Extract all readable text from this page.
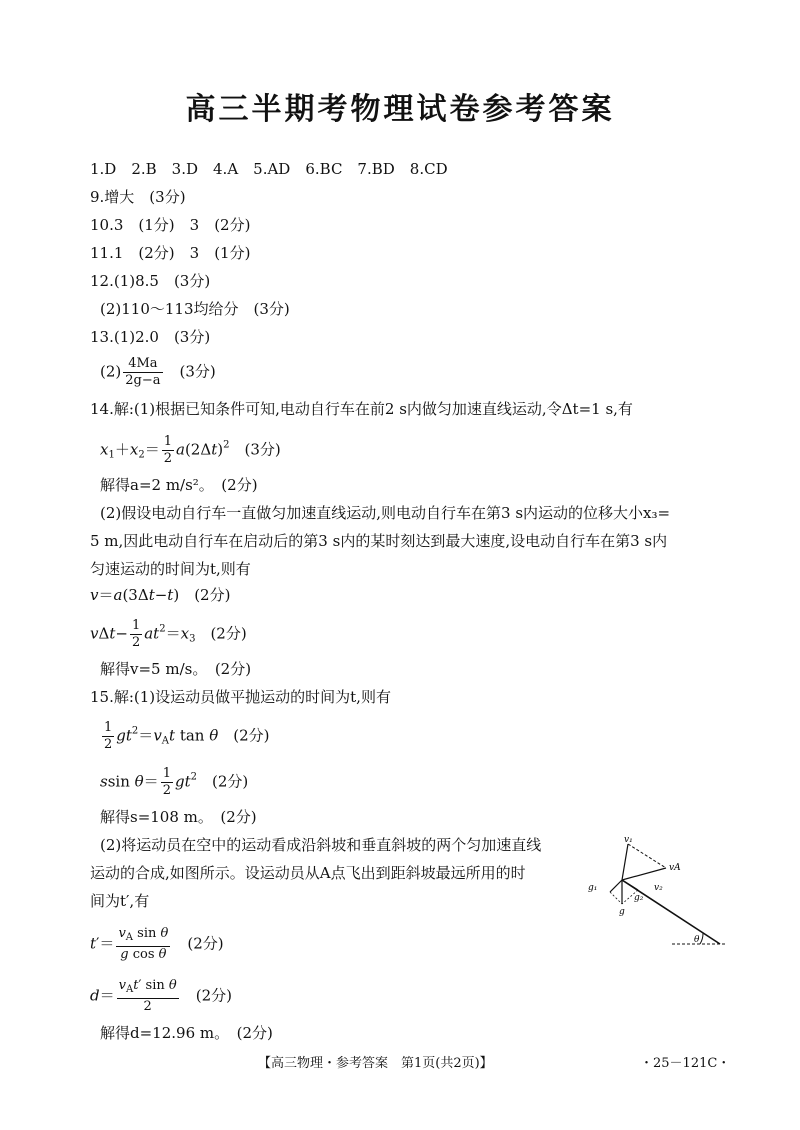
高三半期考物理试卷参考答案
1.D　2.B　3.D　4.A　5.AD　6.BC　7.BD　8.CD
9.增大　(3分)
10.3　(1分)　3　(2分)
11.1　(2分)　3　(1分)
12.(1)8.5　(3分)
(2)110～113均给分　(3分)
13.(1)2.0　(3分)
$(2) \frac{4Ma}{2g-a}$
　 (3分)
14.解:(1)根据已知条件可知,电动自行车在前2 s内做匀加速直线运动,令Δt=1 s,有
$x_1+x_2= \frac{1}{2} a(2\Delta t)^2$　 (3分)
解得a=2 m/s²。　(2分)
(2)假设电动自行车一直做匀加速直线运动,则电动自行车在第3 s内运动的位移大小x₃=
5 m,因此电动自行车在启动后的第3 s内的某时刻达到最大速度,设电动自行车在第3 s内
匀速运动的时间为t,则有
v＝a(3Δt−t)　(2分)
$v\Delta t- \frac{1}{2} at^2=x_3$　 (2分)
解得v=5 m/s。　(2分)
15.解:(1)设运动员做平抛运动的时间为t,则有
$\frac{1}{2} gt^2=v_At$ tan θ　 (2分)
ssin $\theta= \frac{1}{2} gt^2$　 (2分)
解得s=108 m。　(2分)
(2)将运动员在空中的运动看成沿斜坡和垂直斜坡的两个匀加速直线
运动的合成,如图所示。设运动员从A点飞出到距斜坡最远所用的时
间为t′,有
$t'= \frac{v_A \sin \theta}{\text{g cos θ}}$
　 (2分)
$d= \frac{v_At' \sin \theta}{2}$
　 (2分)
解得d=12.96 m。　(2分)
v₁
vA
v₂
g₁
g₂
g
θ
【高三物理・参考答案　第1页(共2页)】	・25－121C・
